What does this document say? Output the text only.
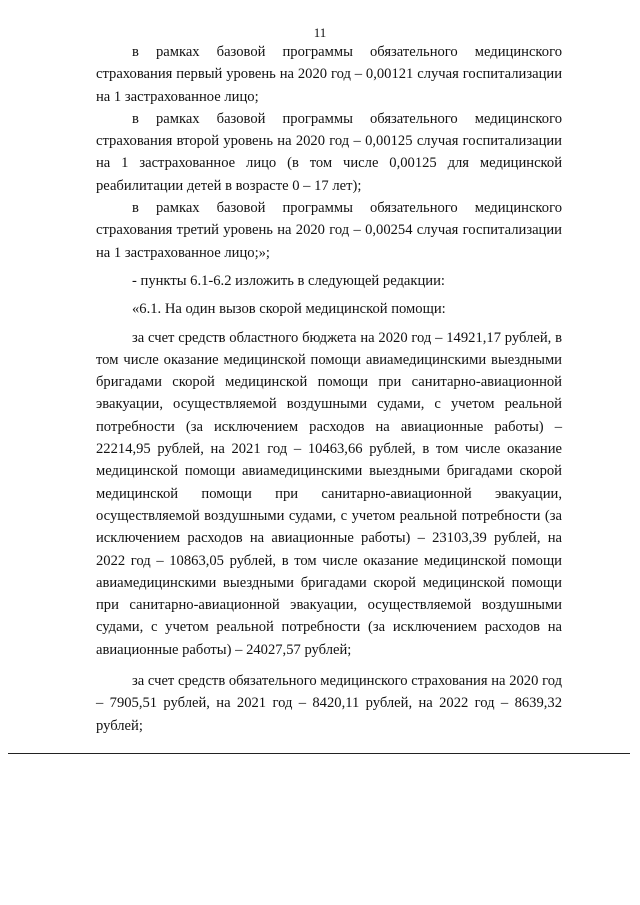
11

в рамках базовой программы обязательного медицинского страхования первый уровень на 2020 год – 0,00121 случая госпитализации на 1 застрахованное лицо;

в рамках базовой программы обязательного медицинского страхования второй уровень на 2020 год – 0,00125 случая госпитализации на 1 застрахованное лицо (в том числе 0,00125 для медицинской реабилитации детей в возрасте 0 – 17 лет);

в рамках базовой программы обязательного медицинского страхования третий уровень на 2020 год – 0,00254 случая госпитализации на 1 застрахованное лицо;»;

- пункты 6.1-6.2 изложить в следующей редакции:

«6.1. На один вызов скорой медицинской помощи:

за счет средств областного бюджета на 2020 год – 14921,17 рублей, в том числе оказание медицинской помощи авиамедицинскими выездными бригадами скорой медицинской помощи при санитарно-авиационной эвакуации, осуществляемой воздушными судами, с учетом реальной потребности (за исключением расходов на авиационные работы) – 22214,95 рублей, на 2021 год – 10463,66 рублей, в том числе оказание медицинской помощи авиамедицинскими выездными бригадами скорой медицинской помощи при санитарно-авиационной эвакуации, осуществляемой воздушными судами, с учетом реальной потребности (за исключением расходов на авиационные работы) – 23103,39 рублей, на 2022 год – 10863,05 рублей, в том числе оказание медицинской помощи авиамедицинскими выездными бригадами скорой медицинской помощи при санитарно-авиационной эвакуации, осуществляемой воздушными судами, с учетом реальной потребности (за исключением расходов на авиационные работы) – 24027,57 рублей;

за счет средств обязательного медицинского страхования на 2020 год – 7905,51 рублей, на 2021 год – 8420,11 рублей, на 2022 год – 8639,32 рублей;
